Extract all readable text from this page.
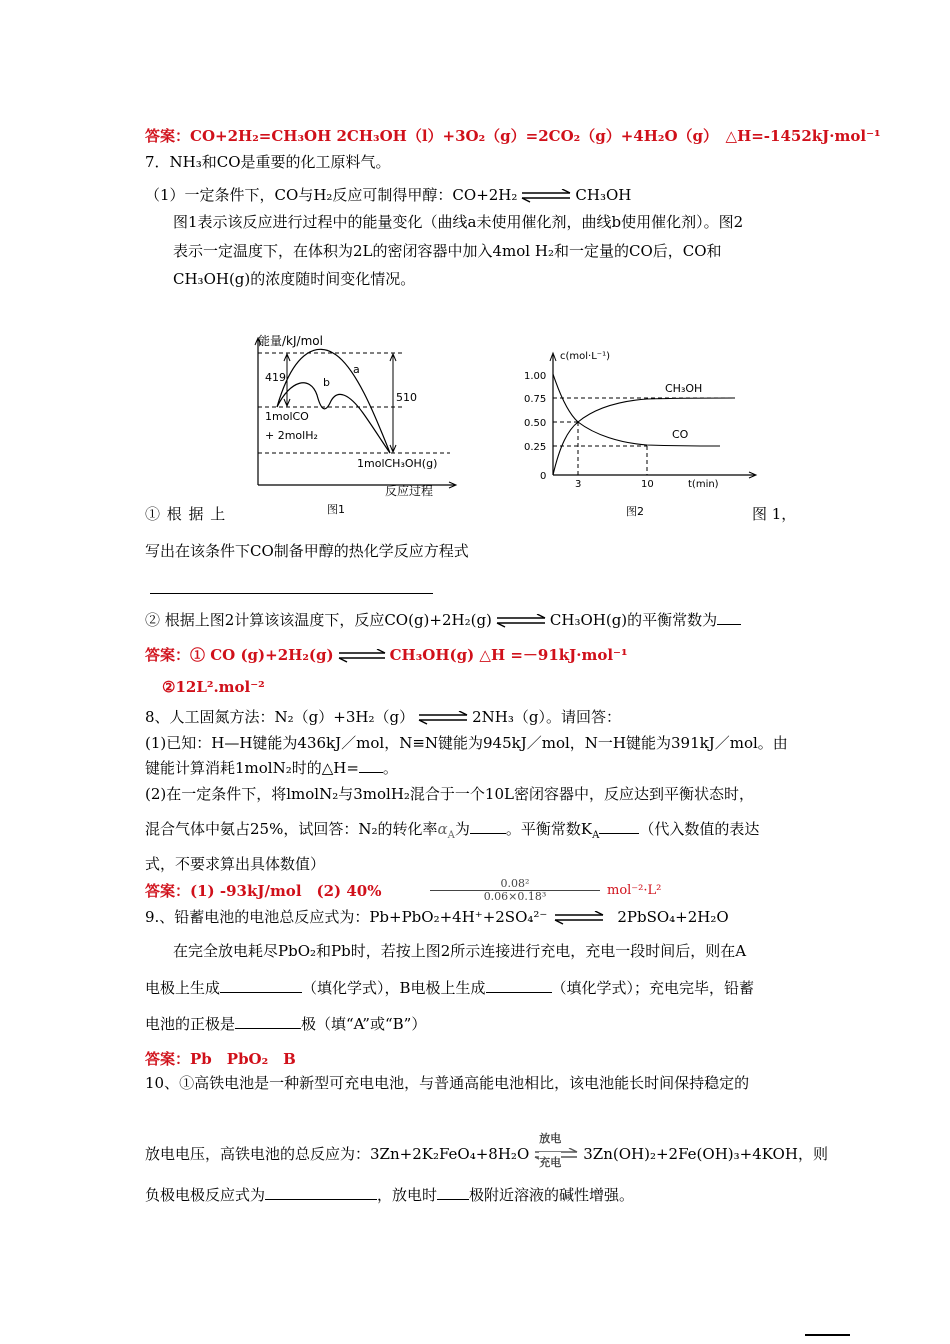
答案：CO+2H₂=CH₃OH 2CH₃OH（l）+3O₂（g）=2CO₂（g）+4H₂O（g）　△H=-1452kJ·mol⁻¹
7．NH₃和CO是重要的化工原料气。
（1）一定条件下，CO与H₂反应可制得甲醇：CO+2H₂ ⇌ CH₃OH
图1表示该反应进行过程中的能量变化（曲线a未使用催化剂，曲线b使用催化剂）。图2
表示一定温度下，在体积为2L的密闭容器中加入4mol H₂和一定量的CO后，CO和
CH₃OH(g)的浓度随时间变化情况。
能量/kJ/mol
反应过程
419
510
a
b
1molCO
+ 2molH₂
1molCH₃OH(g)
图1
c(mol·L⁻¹)
t(min)
1.00
0.75
0.50
0.25
0
3	10
CH₃OH
CO
图2
① 根 据 上	图 1，
写出在该条件下CO制备甲醇的热化学反应方程式
② 根据上图2计算该该温度下，反应CO(g)+2H₂(g) ⇌ CH₃OH(g)的平衡常数为
答案：① CO (g)+2H₂(g) ⇌ CH₃OH(g) △H =－91kJ·mol⁻¹
②12L².mol⁻²
8、人工固氮方法：N₂（g）+3H₂（g） ⇌ 2NH₃（g）。请回答：
(1)已知：H—H键能为436kJ／mol，N≡N键能为945kJ／mol，N一H键能为391kJ／mol。由
键能计算消耗1molN₂时的△H= 。
(2)在一定条件下，将lmolN₂与3molH₂混合于一个10L密闭容器中，反应达到平衡状态时，
混合气体中氨占25%，试回答：N₂的转化率$\alpha_A$为 。平衡常数$K_A$	（代入数值的表达
式，不要求算出具体数值）
答案：(1) -93kJ/mol　(2) 40%	$\frac{\text{0.08²}}{\text{0.06×0.18³}} mol^{-2}\cdot L^2$
9.、铅蓄电池的电池总反应式为：Pb+PbO₂+4H⁺+2SO₄²⁻ ⇌ 2PbSO₄+2H₂O
在完全放电耗尽PbO₂和Pb时，若按上图2所示连接进行充电，充电一段时间后，则在A
电极上生成	（填化学式），B电极上生成	（填化学式）；充电完毕，铅蓄
电池的正极是	极（填“A”或“B”）
答案：Pb　PbO₂　B
10、①高铁电池是一种新型可充电电池，与普通高能电池相比，该电池能长时间保持稳定的
放电电压，高铁电池的总反应为：3Zn+2K₂FeO₄+8H₂O
放电
充电 3Zn(OH)₂+2Fe(OH)₃+4KOH，则
负极电极反应式为	，放电时 极附近溶液的碱性增强。
